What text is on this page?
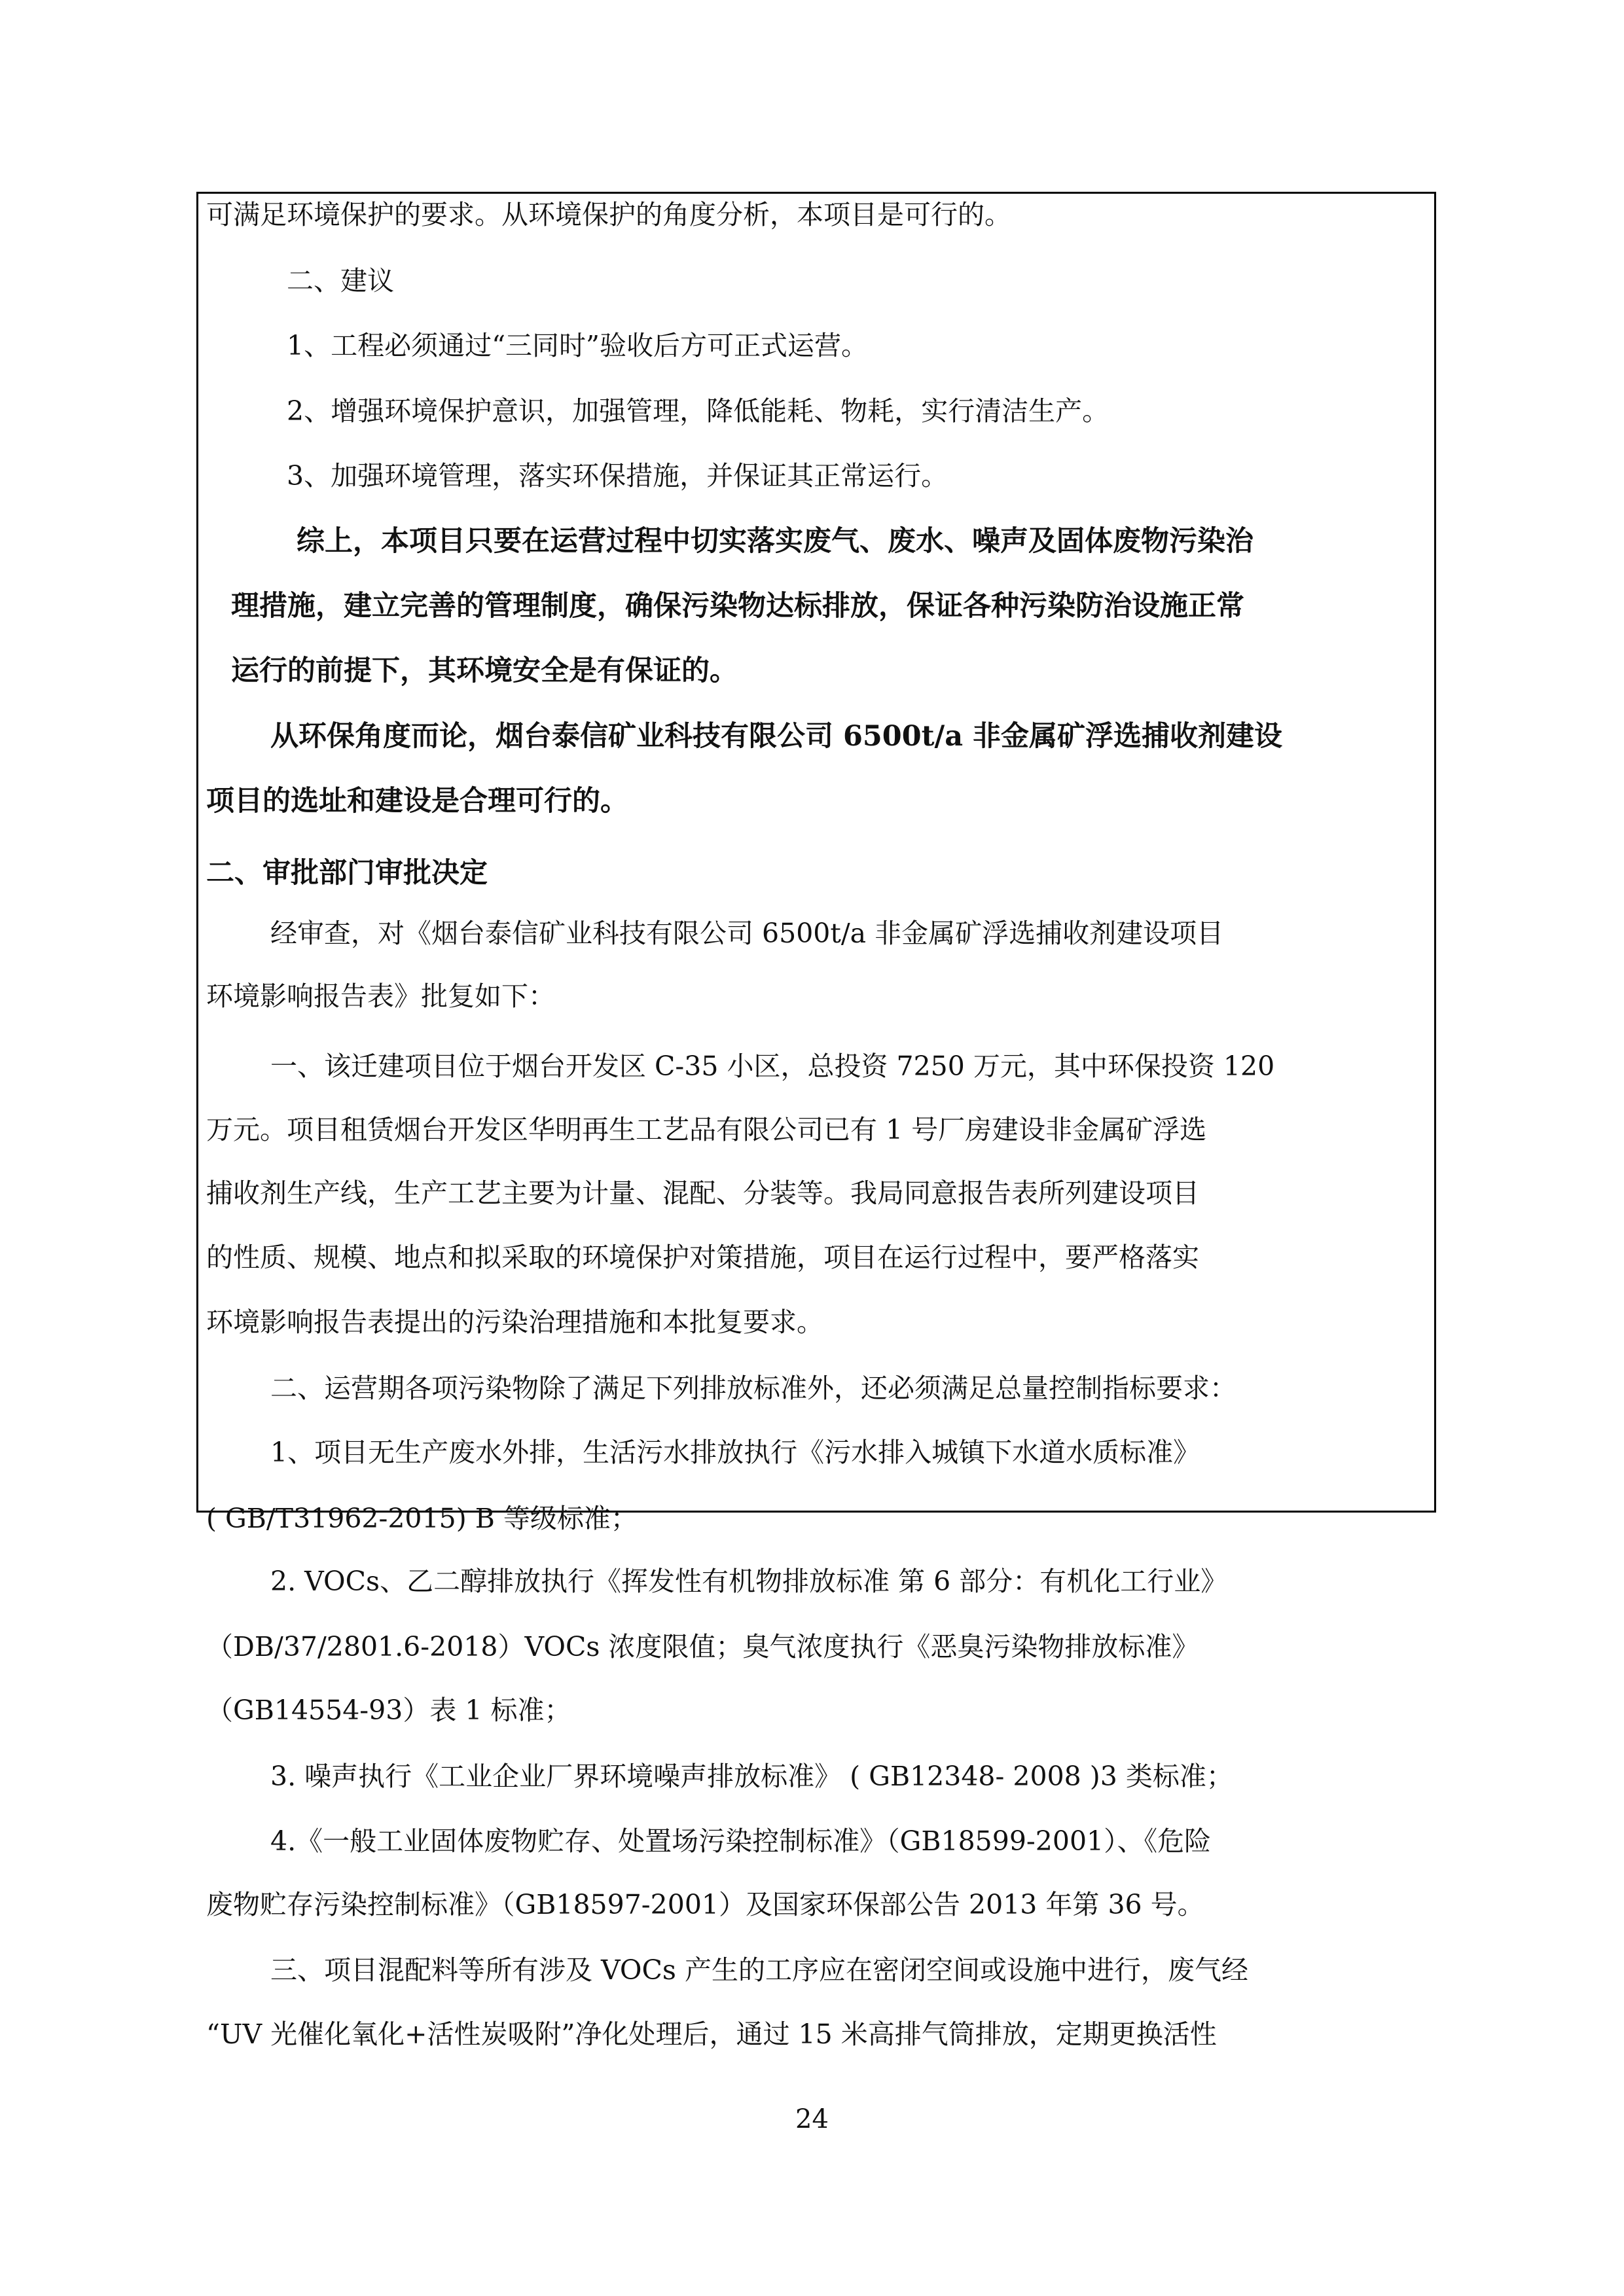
可满足环境保护的要求。从环境保护的角度分析，本项目是可行的。
二、建议
1、工程必须通过“三同时”验收后方可正式运营。
2、增强环境保护意识，加强管理，降低能耗、物耗，实行清洁生产。
3、加强环境管理，落实环保措施，并保证其正常运行。
综上，本项目只要在运营过程中切实落实废气、废水、噪声及固体废物污染治
理措施，建立完善的管理制度，确保污染物达标排放，保证各种污染防治设施正常
运行的前提下，其环境安全是有保证的。
从环保角度而论，烟台泰信矿业科技有限公司 6500t/a 非金属矿浮选捕收剂建设
项目的选址和建设是合理可行的。
二、审批部门审批决定
经审查，对《烟台泰信矿业科技有限公司 6500t/a 非金属矿浮选捕收剂建设项目
环境影响报告表》批复如下：
一、该迁建项目位于烟台开发区 C-35 小区，总投资 7250 万元，其中环保投资 120
万元。项目租赁烟台开发区华明再生工艺品有限公司已有 1 号厂房建设非金属矿浮选
捕收剂生产线，生产工艺主要为计量、混配、分装等。我局同意报告表所列建设项目
的性质、规模、地点和拟采取的环境保护对策措施，项目在运行过程中，要严格落实
环境影响报告表提出的污染治理措施和本批复要求。
二、运营期各项污染物除了满足下列排放标准外，还必须满足总量控制指标要求：
1、项目无生产废水外排，生活污水排放执行《污水排入城镇下水道水质标准》
( GB/T31962-2015) B 等级标准；
2. VOCs、乙二醇排放执行《挥发性有机物排放标准 第 6 部分：有机化工行业》
（DB/37/2801.6-2018）VOCs 浓度限值；臭气浓度执行《恶臭污染物排放标准》
（GB14554-93）表 1 标准；
3. 噪声执行《工业企业厂界环境噪声排放标准》 ( GB12348- 2008 )3 类标准；
4.《一般工业固体废物贮存、处置场污染控制标准》（GB18599-2001）、《危险
废物贮存污染控制标准》（GB18597-2001）及国家环保部公告 2013 年第 36 号。
三、项目混配料等所有涉及 VOCs 产生的工序应在密闭空间或设施中进行，废气经
“UV 光催化氧化+活性炭吸附”净化处理后，通过 15 米高排气筒排放，定期更换活性
24
